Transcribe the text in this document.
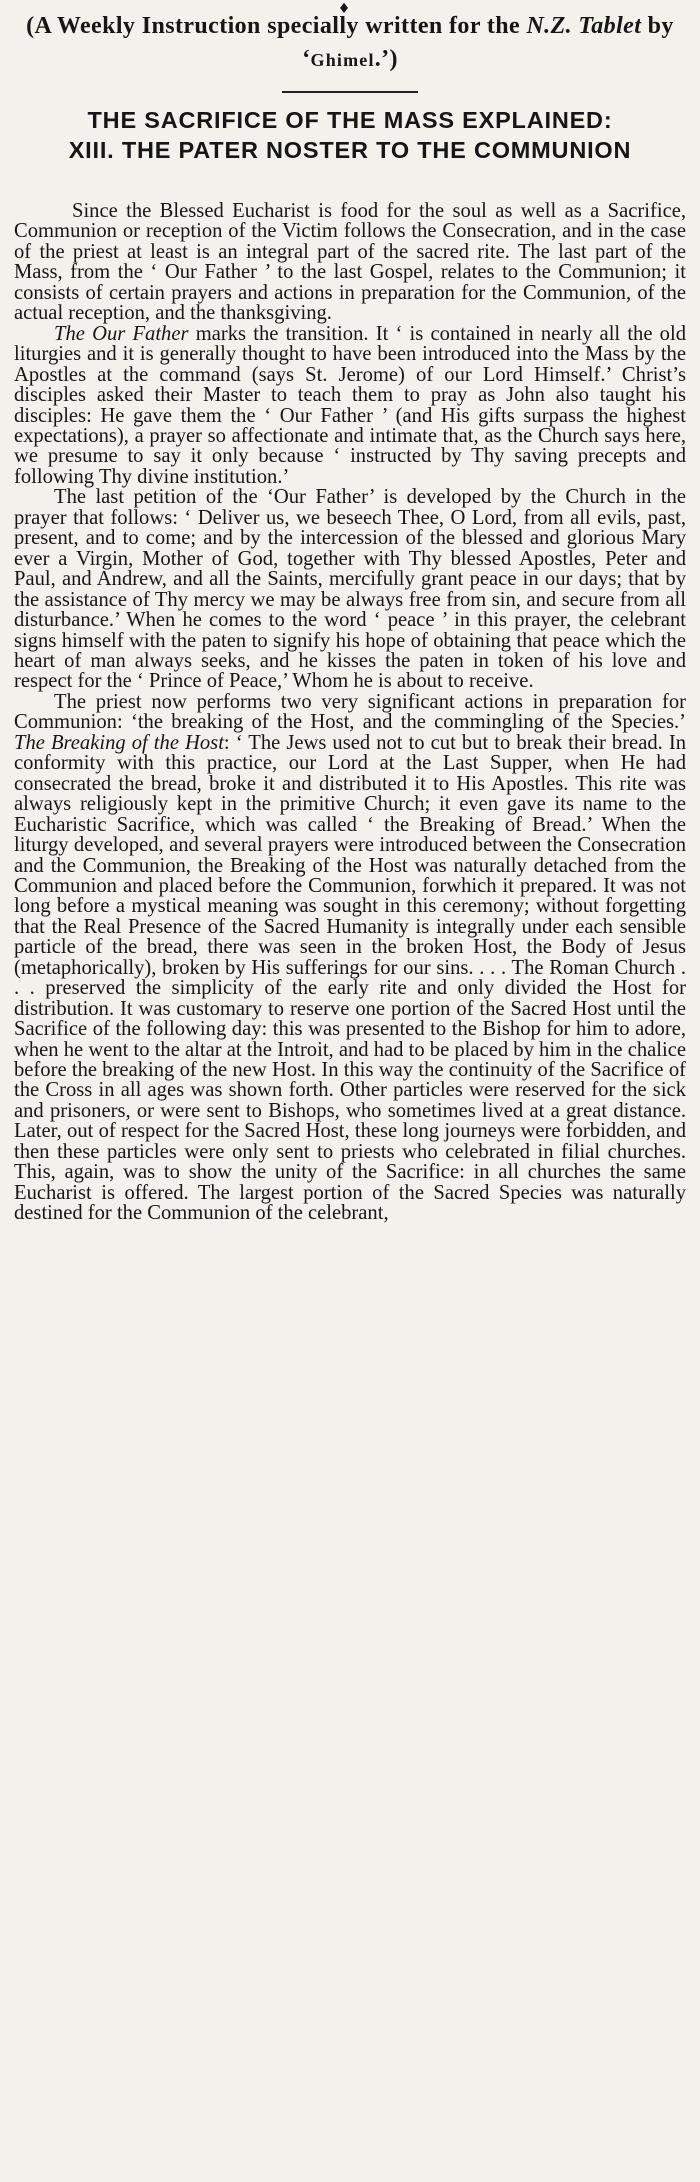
♦
(A Weekly Instruction specially written for the N.Z. Tablet by ‘Ghimel.’)
THE SACRIFICE OF THE MASS EXPLAINED:
XIII. THE PATER NOSTER TO THE COMMUNION

Since the Blessed Eucharist is food for the soul as well as a Sacrifice, Communion or reception of the Victim follows the Consecration, and in the case of the priest at least is an integral part of the sacred rite. The last part of the Mass, from the ‘ Our Father ’ to the last Gospel, relates to the Communion; it consists of certain prayers and actions in preparation for the Communion, of the actual reception, and the thanksgiving.

The Our Father marks the transition. It ‘ is contained in nearly all the old liturgies and it is generally thought to have been introduced into the Mass by the Apostles at the command (says St. Jerome) of our Lord Himself.’ Christ’s disciples asked their Master to teach them to pray as John also taught his disciples: He gave them the ‘ Our Father ’ (and His gifts surpass the highest expectations), a prayer so affectionate and intimate that, as the Church says here, we presume to say it only because ‘ instructed by Thy saving precepts and following Thy divine institution.’

The last petition of the ‘Our Father’ is developed by the Church in the prayer that follows: ‘ Deliver us, we beseech Thee, O Lord, from all evils, past, present, and to come; and by the intercession of the blessed and glorious Mary ever a Virgin, Mother of God, together with Thy blessed Apostles, Peter and Paul, and Andrew, and all the Saints, mercifully grant peace in our days; that by the assistance of Thy mercy we may be always free from sin, and secure from all disturbance.’ When he comes to the word ‘ peace ’ in this prayer, the celebrant signs himself with the paten to signify his hope of obtaining that peace which the heart of man always seeks, and he kisses the paten in token of his love and respect for the ‘ Prince of Peace,’ Whom he is about to receive.

The priest now performs two very significant actions in preparation for Communion: ‘the breaking of the Host, and the commingling of the Species.’ The Breaking of the Host: ‘ The Jews used not to cut but to break their bread. In conformity with this practice, our Lord at the Last Supper, when He had consecrated the bread, broke it and distributed it to His Apostles. This rite was always religiously kept in the primitive Church; it even gave its name to the Eucharistic Sacrifice, which was called ‘ the Breaking of Bread.’ When the liturgy developed, and several prayers were introduced between the Consecration and the Communion, the Breaking of the Host was naturally detached from the Communion and placed before the Communion, forwhich it prepared. It was not long before a mystical meaning was sought in this ceremony; without forgetting that the Real Presence of the Sacred Humanity is integrally under each sensible particle of the bread, there was seen in the broken Host, the Body of Jesus (metaphorically), broken by His sufferings for our sins. . . . The Roman Church . . . preserved the simplicity of the early rite and only divided the Host for distribution. It was customary to reserve one portion of the Sacred Host until the Sacrifice of the following day: this was presented to the Bishop for him to adore, when he went to the altar at the Introit, and had to be placed by him in the chalice before the breaking of the new Host. In this way the continuity of the Sacrifice of the Cross in all ages was shown forth. Other particles were reserved for the sick and prisoners, or were sent to Bishops, who sometimes lived at a great distance. Later, out of respect for the Sacred Host, these long journeys were forbidden, and then these particles were only sent to priests who celebrated in filial churches. This, again, was to show the unity of the Sacrifice: in all churches the same Eucharist is offered. The largest portion of the Sacred Species was naturally destined for the Communion of the celebrant,
